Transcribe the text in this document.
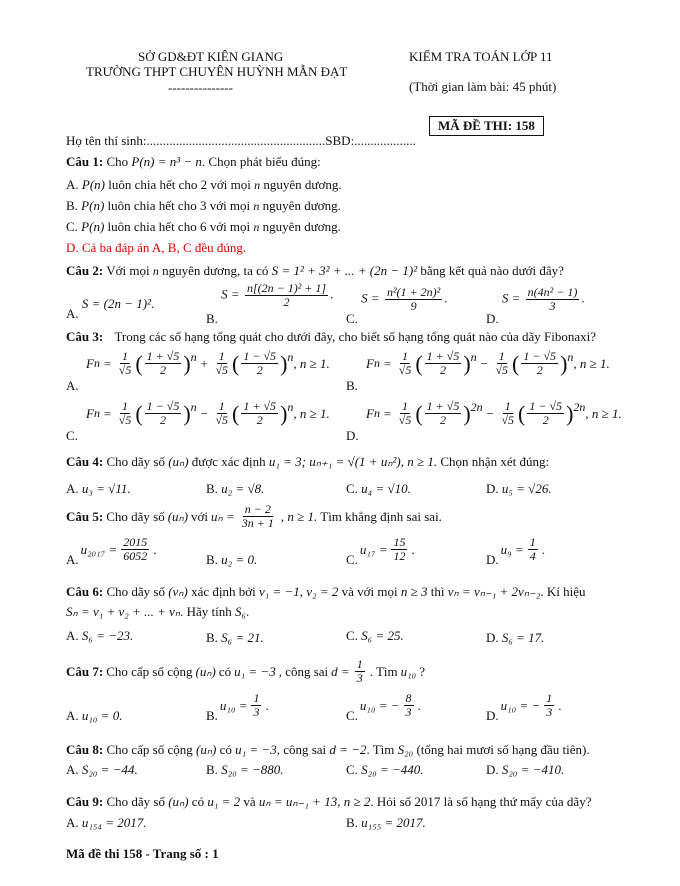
SỞ GD&ĐT KIÊN GIANG
TRƯỜNG THPT CHUYÊN HUỲNH MẪN ĐẠT
---------------
KIỂM TRA TOÁN LỚP 11
(Thời gian làm bài: 45 phút)
MÃ ĐỀ THI: 158
Họ tên thí sinh:.......................................................SBD:...................
Câu 1: Cho P(n) = n³ − n. Chọn phát biểu đúng:
A. P(n) luôn chia hết cho 2 với mọi n nguyên dương.
B. P(n) luôn chia hết cho 3 với mọi n nguyên dương.
C. P(n) luôn chia hết cho 6 với mọi n nguyên dương.
D. Cả ba đáp án A, B, C đều đúng.
Câu 2: Với mọi n nguyên dương, ta có S = 1² + 3² + ... + (2n − 1)² bằng kết quả nào dưới đây?
A. S = (2n − 1)².
B. $S = \frac{\text{n[(2n − 1)² + 1]}}{2}$ .
C. $S = \frac{\text{n²(1 + 2n)²}}{9}$ .
D. $S = \frac{\text{n(4n² − 1)}}{3}$ .
Câu 3: Trong các số hạng tổng quát cho dưới đây, cho biết số hạng tổng quát nào của dãy Fibonaxi?
A.
F $n = \frac{1}{√5}$ ( $\frac{1 + √5}{2}$ ) $n + \frac{1}{√5}$ ( $\frac{1 - √5}{2}$ ) n , n ≥ 1.
B.
F $n = \frac{1}{√5}$ ( $\frac{1 + √5}{2}$ ) $n - \frac{1}{√5}$ ( $\frac{1 - √5}{2}$ ) n , n ≥ 1.
C.
F $n = \frac{1}{√5}$ ( $\frac{1 - √5}{2}$ ) $n - \frac{1}{√5}$ ( $\frac{1 + √5}{2}$ ) n , n ≥ 1.
D.
F $n = \frac{1}{√5}$ ( $\frac{1 + √5}{2}$ ) $2n - \frac{1}{√5}$ ( $\frac{1 - √5}{2}$ ) 2n , n ≥ 1.
Câu 4: Cho dãy số (uₙ) được xác định u₁ = 3; uₙ₊₁ = √(1 + uₙ²), n ≥ 1. Chọn nhận xét đúng:
A. u₃ = √11.	B. u₂ = √8.	C. u₄ = √10.	D. u₅ = √26.
Câu 5: Cho dãy số (uₙ) với $u_n = \frac{n - 2}{3n + 1}$ , n ≥ 1. Tìm khẳng định sai sai.
A.
$u_{2017} = \frac{2015}{6052}$ .
B. u₂ = 0.	C.
$u_{17} = \frac{15}{12}$ .
D.
$u_9 = \frac{1}{4}$ .
Câu 6: Cho dãy số (vₙ) xác định bởi v₁ = −1, v₂ = 2 và với mọi n ≥ 3 thì vₙ = vₙ₋₁ + 2vₙ₋₂. Kí hiệu
Sₙ = v₁ + v₂ + ... + vₙ. Hãy tính S₆.
A. S₆ = −23.	B. S₆ = 21.	C. S₆ = 25.	D. S₆ = 17.
Câu 7: Cho cấp số cộng (uₙ) có u₁ = −3 , công sai $d = \frac{1}{3}$ . Tìm u₁₀ ?
A. u₁₀ = 0.	B.
$u_{10} = \frac{1}{3}$ .
C.
u₁₀ = − $\frac{8}{3}$ .
D.
u₁₀ = − $\frac{1}{3}$ .
Câu 8: Cho cấp số cộng (uₙ) có u₁ = −3, công sai d = −2. Tìm S₂₀ (tổng hai mươi số hạng đầu tiên).
A. S₂₀ = −44.	B. S₂₀ = −880.	C. S₂₀ = −440.	D. S₂₀ = −410.
Câu 9: Cho dãy số (uₙ) có u₁ = 2 và uₙ = uₙ₋₁ + 13, n ≥ 2. Hỏi số 2017 là số hạng thứ mấy của dãy?
A. u₁₅₄ = 2017.	B. u₁₅₅ = 2017.
Mã đề thi 158 - Trang số : 1
